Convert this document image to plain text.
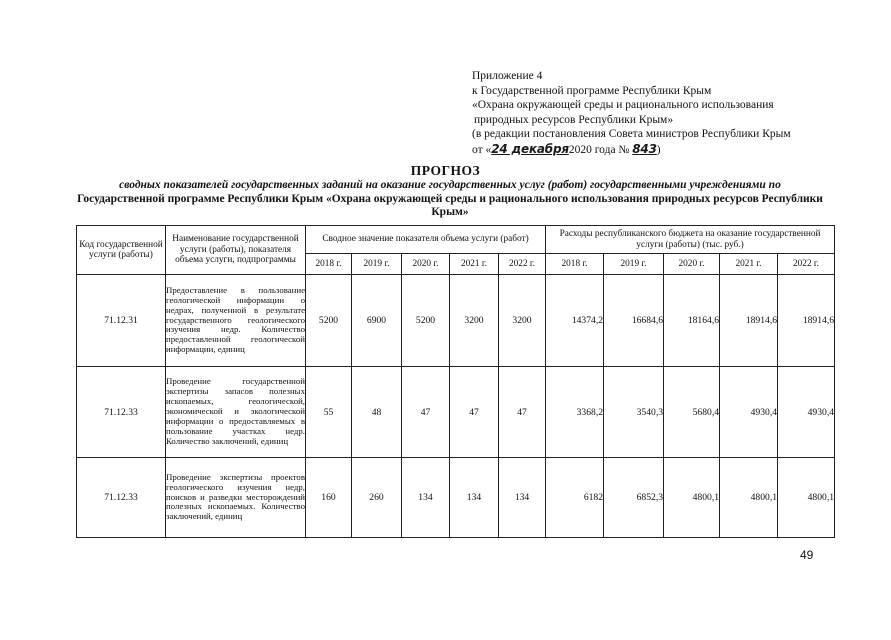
Приложение 4
к Государственной программе Республики Крым
«Охрана окружающей среды и рационального использования
природных ресурсов Республики Крым»
(в редакции постановления Совета министров Республики Крым
от «24 декабря2020 года № 843)
ПРОГНОЗ
сводных показателей государственных заданий на оказание государственных услуг (работ) государственными учреждениями по
Государственной программе Республики Крым «Охрана окружающей среды и рационального использования природных ресурсов Республики Крым»
Код государственной услуги (работы)	Наименование государственной услуги (работы), показателя объема услуги, подпрограммы	Сводное значение показателя объема услуги (работ)					Расходы республиканского бюджета на оказание государственной услуги (работы) (тыс. руб.)				
		2018 г.	2019 г.	2020 г.	2021 г.	2022 г.	2018 г.	2019 г.	2020 г.	2021 г.	2022 г.
71.12.31	Предоставление в пользование геологической информации о недрах, полученной в результате государственного геологического изучения недр. Количество предоставленной геологической информации, единиц	5200	6900	5200	3200	3200	14374,2	16684,6	18164,6	18914,6	18914,6
71.12.33	Проведение государственной экспертизы запасов полезных ископаемых, геологической, экономической и экологической информации о предоставляемых в пользование участках недр. Количество заключений, единиц	55	48	47	47	47	3368,2	3540,3	5680,4	4930,4	4930,4
71.12.33	Проведение экспертизы проектов геологического изучения недр, поисков и разведки месторождений полезных ископаемых. Количество заключений, единиц	160	260	134	134	134	6182	6852,3	4800,1	4800,1	4800,1
49
